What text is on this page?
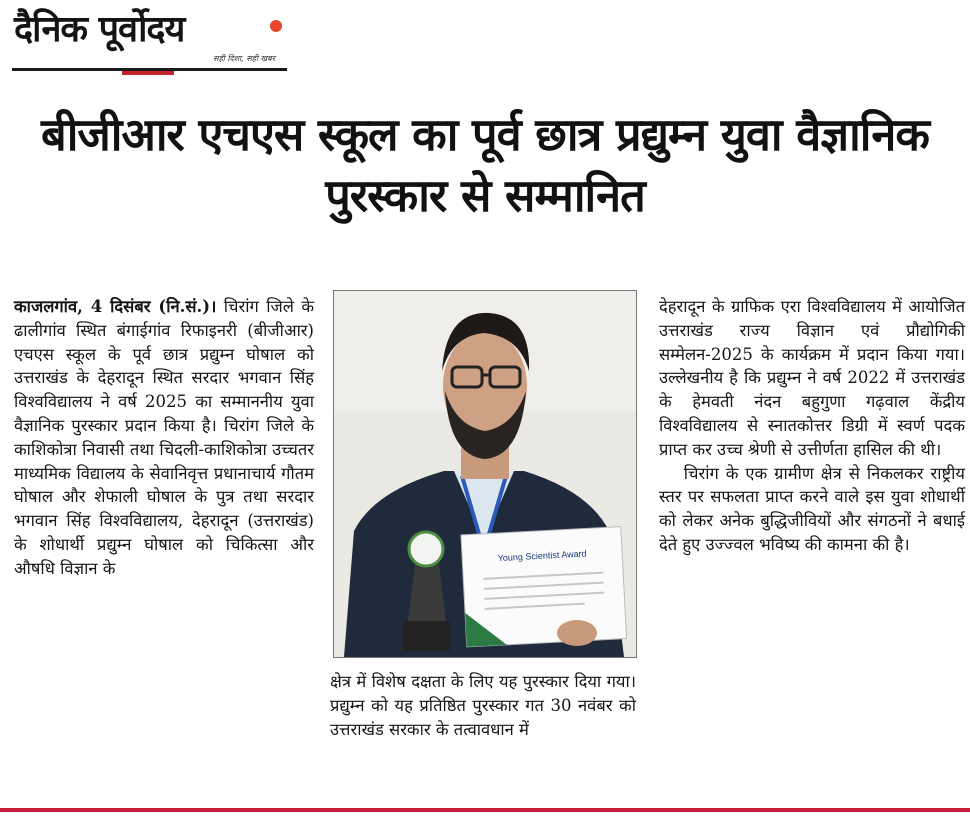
दैनिक पूर्वोदय
सही दिशा, सही खबर
बीजीआर एचएस स्कूल का पूर्व छात्र प्रद्युम्न युवा वैज्ञानिक पुरस्कार से सम्मानित

काजलगांव, 4 दिसंबर (नि.सं.)। चिरांग जिले के ढालीगांव स्थित बंगाईगांव रिफाइनरी (बीजीआर) एचएस स्कूल के पूर्व छात्र प्रद्युम्न घोषाल को उत्तराखंड के देहरादून स्थित सरदार भगवान सिंह विश्वविद्यालय ने वर्ष 2025 का सम्माननीय युवा वैज्ञानिक पुरस्कार प्रदान किया है। चिरांग जिले के काशिकोत्रा निवासी तथा चिदली-काशिकोत्रा उच्चतर माध्यमिक विद्यालय के सेवानिवृत्त प्रधानाचार्य गौतम घोषाल और शेफाली घोषाल के पुत्र तथा सरदार भगवान सिंह विश्वविद्यालय, देहरादून (उत्तराखंड) के शोधार्थी प्रद्युम्न घोषाल को चिकित्सा और औषधि विज्ञान के

Young Scientist Award

क्षेत्र में विशेष दक्षता के लिए यह पुरस्कार दिया गया। प्रद्युम्न को यह प्रतिष्ठित पुरस्कार गत 30 नवंबर को उत्तराखंड सरकार के तत्वावधान में

देहरादून के ग्राफिक एरा विश्वविद्यालय में आयोजित उत्तराखंड राज्य विज्ञान एवं प्रौद्योगिकी सम्मेलन-2025 के कार्यक्रम में प्रदान किया गया। उल्लेखनीय है कि प्रद्युम्न ने वर्ष 2022 में उत्तराखंड के हेमवती नंदन बहुगुणा गढ़वाल केंद्रीय विश्वविद्यालय से स्नातकोत्तर डिग्री में स्वर्ण पदक प्राप्त कर उच्च श्रेणी से उत्तीर्णता हासिल की थी।
चिरांग के एक ग्रामीण क्षेत्र से निकलकर राष्ट्रीय स्तर पर सफलता प्राप्त करने वाले इस युवा शोधार्थी को लेकर अनेक बुद्धिजीवियों और संगठनों ने बधाई देते हुए उज्ज्वल भविष्य की कामना की है।
